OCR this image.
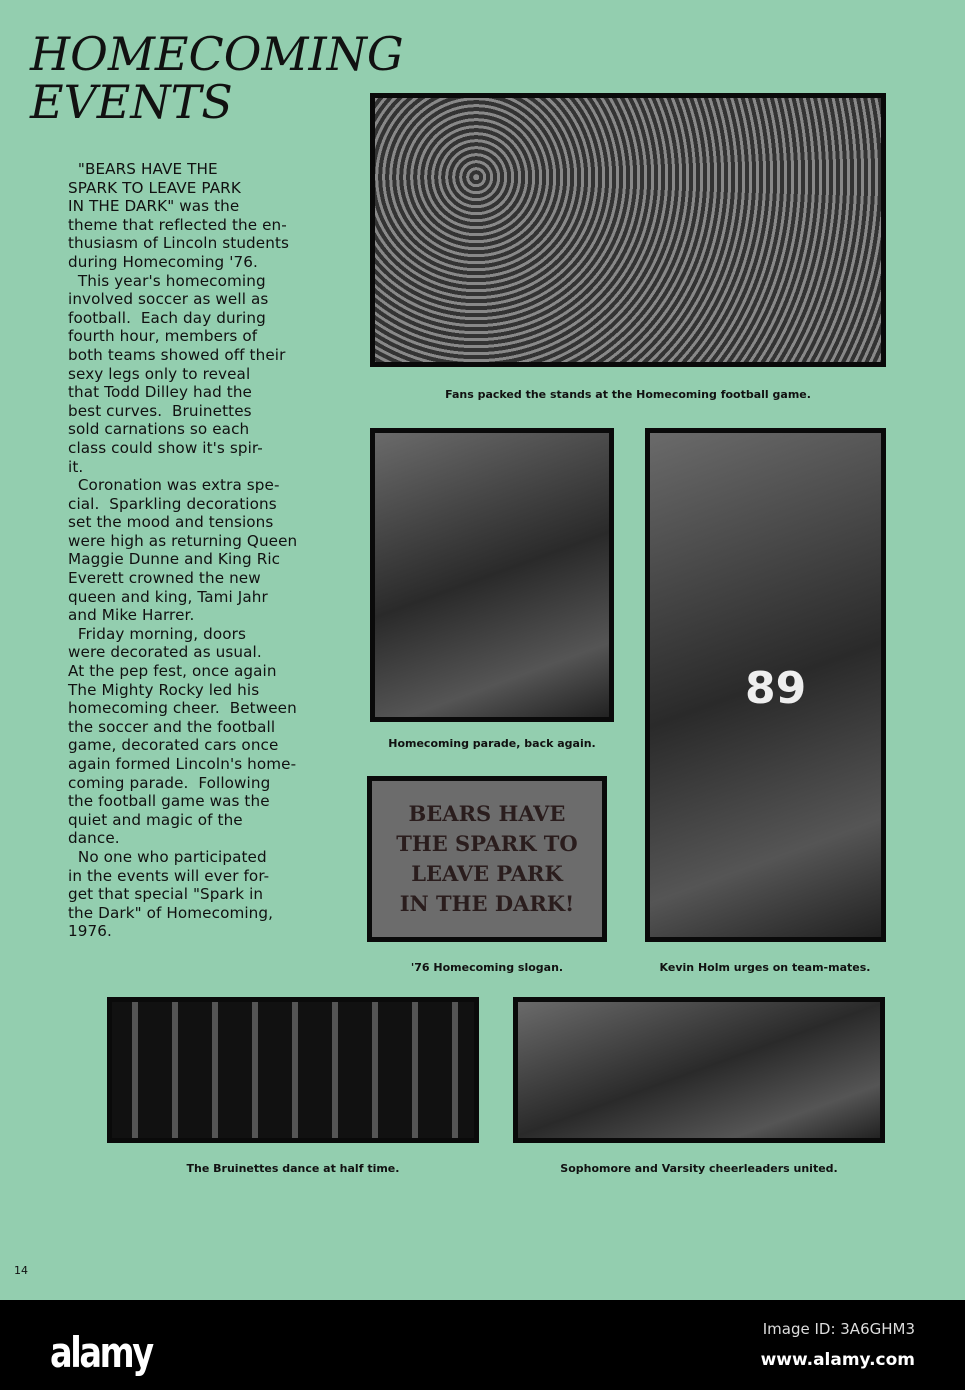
HOMECOMING
EVENTS
"BEARS HAVE THE
SPARK TO LEAVE PARK
IN THE DARK" was the
theme that reflected the en-
thusiasm of Lincoln students
during Homecoming '76.
This year's homecoming
involved soccer as well as
football.  Each day during
fourth hour, members of
both teams showed off their
sexy legs only to reveal
that Todd Dilley had the
best curves.  Bruinettes
sold carnations so each
class could show it's spir-
it.
Coronation was extra spe-
cial.  Sparkling decorations
set the mood and tensions
were high as returning Queen
Maggie Dunne and King Ric
Everett crowned the new
queen and king, Tami Jahr
and Mike Harrer.
Friday morning, doors
were decorated as usual.
At the pep fest, once again
The Mighty Rocky led his
homecoming cheer.  Between
the soccer and the football
game, decorated cars once
again formed Lincoln's home-
coming parade.  Following
the football game was the
quiet and magic of the
dance.
No one who participated
in the events will ever for-
get that special "Spark in
the Dark" of Homecoming,
1976.
Fans packed the stands at the Homecoming football game.
Homecoming parade, back again.
89
Kevin Holm urges on team-mates.
BEARS HAVE
THE SPARK TO
LEAVE PARK
IN THE DARK!
'76 Homecoming slogan.
The Bruinettes dance at half time.	Sophomore and Varsity cheerleaders united.
14
alamy	Image ID: 3A6GHM3
www.alamy.com
